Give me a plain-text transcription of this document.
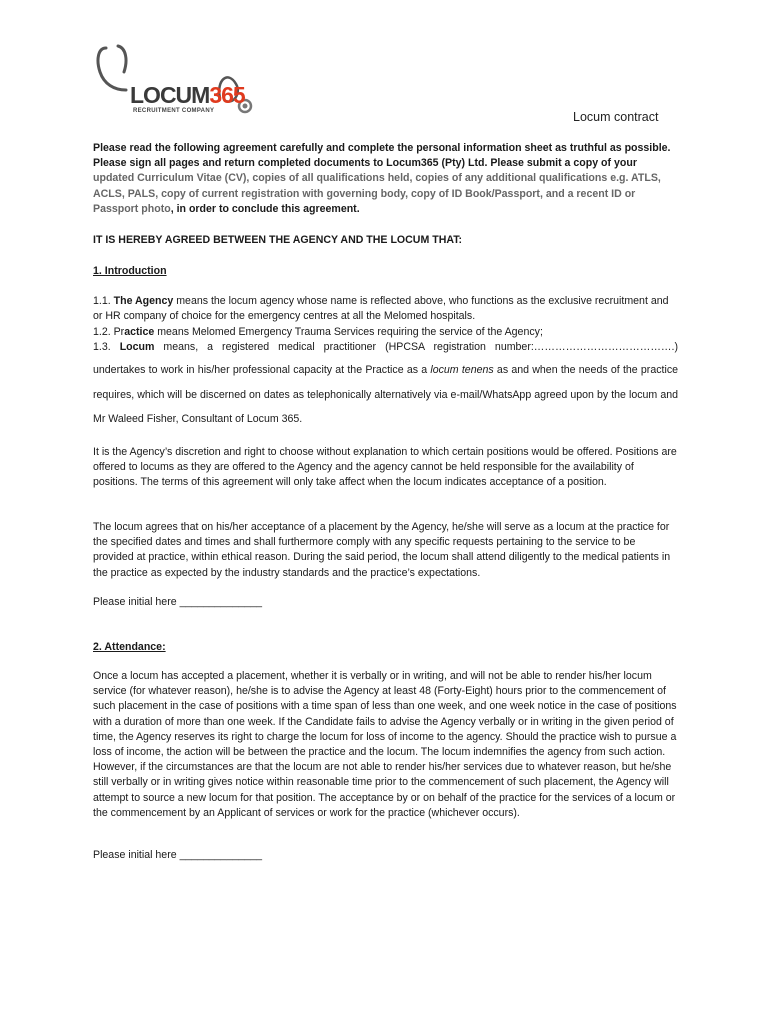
LOCUM365
RECRUITMENT COMPANY	Locum contract
Please read the following agreement carefully and complete the personal information sheet as truthful as possible. Please sign all pages and return completed documents to Locum365 (Pty) Ltd. Please submit a copy of your updated Curriculum Vitae (CV), copies of all qualifications held, copies of any additional qualifications e.g. ATLS, ACLS, PALS, copy of current registration with governing body, copy of ID Book/Passport, and a recent ID or Passport photo, in order to conclude this agreement.
IT IS HEREBY AGREED BETWEEN THE AGENCY AND THE LOCUM THAT:
1. Introduction
1.1. The Agency means the locum agency whose name is reflected above, who functions as the exclusive recruitment and or HR company of choice for the emergency centres at all the Melomed hospitals.
1.2. Practice means Melomed Emergency Trauma Services requiring the service of the Agency;
1.3. Locum means, a registered medical practitioner (HPCSA registration number:………………………………….)
undertakes to work in his/her professional capacity at the Practice as a locum tenens as and when the needs of the practice requires, which will be discerned on dates as telephonically alternatively via e-mail/WhatsApp agreed upon by the locum and Mr Waleed Fisher, Consultant of Locum 365.
It is the Agency’s discretion and right to choose without explanation to which certain positions would be offered. Positions are offered to locums as they are offered to the Agency and the agency cannot be held responsible for the availability of positions. The terms of this agreement will only take affect when the locum indicates acceptance of a position.
The locum agrees that on his/her acceptance of a placement by the Agency, he/she will serve as a locum at the practice for the specified dates and times and shall furthermore comply with any specific requests pertaining to the service to be provided at practice, within ethical reason. During the said period, the locum shall attend diligently to the medical patients in the practice as expected by the industry standards and the practice’s expectations.
Please initial here ______________
2. Attendance:
Once a locum has accepted a placement, whether it is verbally or in writing, and will not be able to render his/her locum service (for whatever reason), he/she is to advise the Agency at least 48 (Forty-Eight) hours prior to the commencement of such placement in the case of positions with a time span of less than one week, and one week notice in the case of positions with a duration of more than one week. If the Candidate fails to advise the Agency verbally or in writing in the given period of time, the Agency reserves its right to charge the locum for loss of income to the agency. Should the practice wish to pursue a loss of income, the action will be between the practice and the locum. The locum indemnifies the agency from such action. However, if the circumstances are that the locum are not able to render his/her services due to whatever reason, but he/she still verbally or in writing gives notice within reasonable time prior to the commencement of such placement, the Agency will attempt to source a new locum for that position. The acceptance by or on behalf of the practice for the services of a locum or the commencement by an Applicant of services or work for the practice (whichever occurs).
Please initial here ______________
